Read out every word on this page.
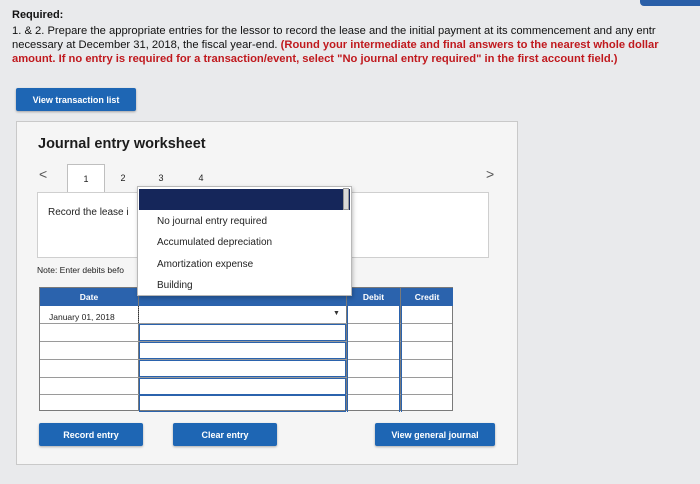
Required:
1. & 2. Prepare the appropriate entries for the lessor to record the lease and the initial payment at its commencement and any entr
necessary at December 31, 2018, the fiscal year-end. (Round your intermediate and final answers to the nearest whole dollar
amount. If no entry is required for a transaction/event, select "No journal entry required" in the first account field.)
View transaction list
Journal entry worksheet
<	>
1	2	3	4
Record the lease i
Note: Enter debits befo
Date	Debit	Credit
January 01, 2018	▼
Record entry	Clear entry	View general journal
No journal entry required
Accumulated depreciation
Amortization expense
Building
